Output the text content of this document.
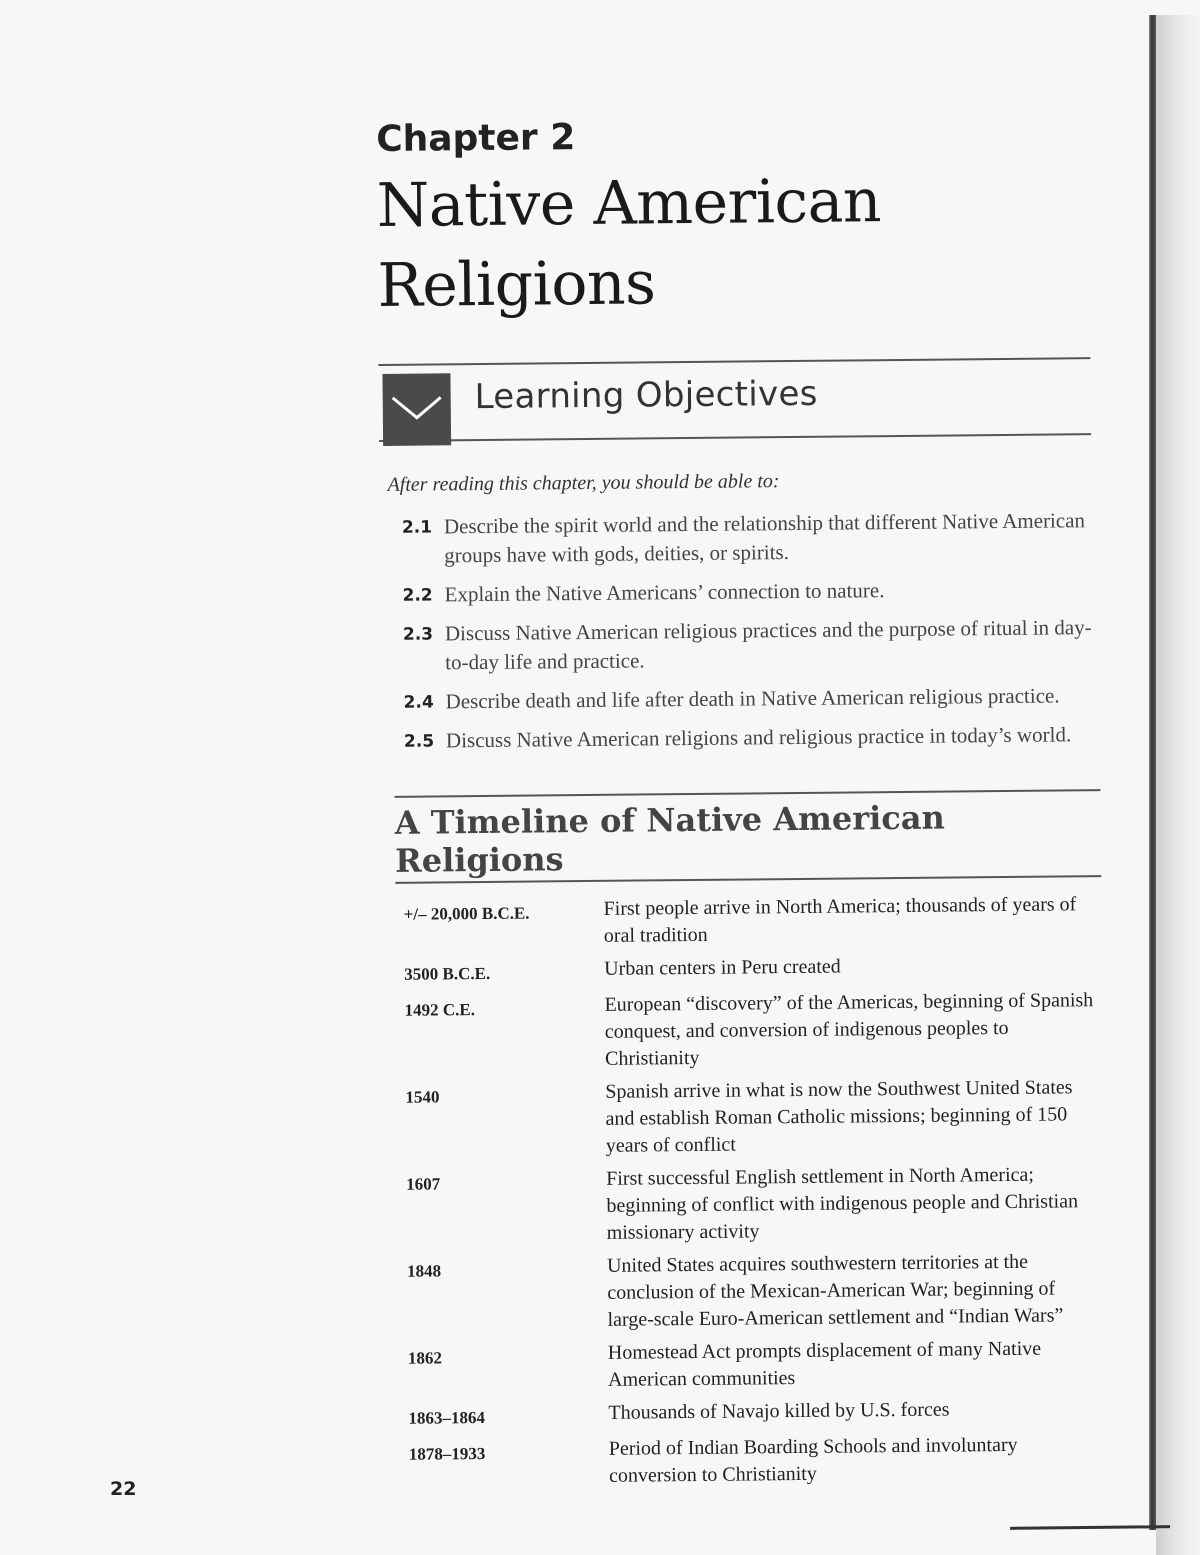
Chapter 2
Native American
Religions
Learning Objectives
After reading this chapter, you should be able to:
2.1 Describe the spirit world and the relationship that different Native American groups have with gods, deities, or spirits.
2.2 Explain the Native Americans’ connection to nature.
2.3 Discuss Native American religious practices and the purpose of ritual in day-to-day life and practice.
2.4 Describe death and life after death in Native American religious practice.
2.5 Discuss Native American religions and religious practice in today’s world.
A Timeline of Native American Religions
+/– 20,000 B.C.E.	First people arrive in North America; thousands of years of oral tradition
3500 B.C.E.	Urban centers in Peru created
1492 C.E.	European “discovery” of the Americas, beginning of Spanish conquest, and conversion of indigenous peoples to Christianity
1540	Spanish arrive in what is now the Southwest United States and establish Roman Catholic missions; beginning of 150 years of conflict
1607	First successful English settlement in North America; beginning of conflict with indigenous people and Christian missionary activity
1848	United States acquires southwestern territories at the conclusion of the Mexican-American War; beginning of large-scale Euro-American settlement and “Indian Wars”
1862	Homestead Act prompts displacement of many Native American communities
1863–1864	Thousands of Navajo killed by U.S. forces
1878–1933	Period of Indian Boarding Schools and involuntary conversion to Christianity
22
